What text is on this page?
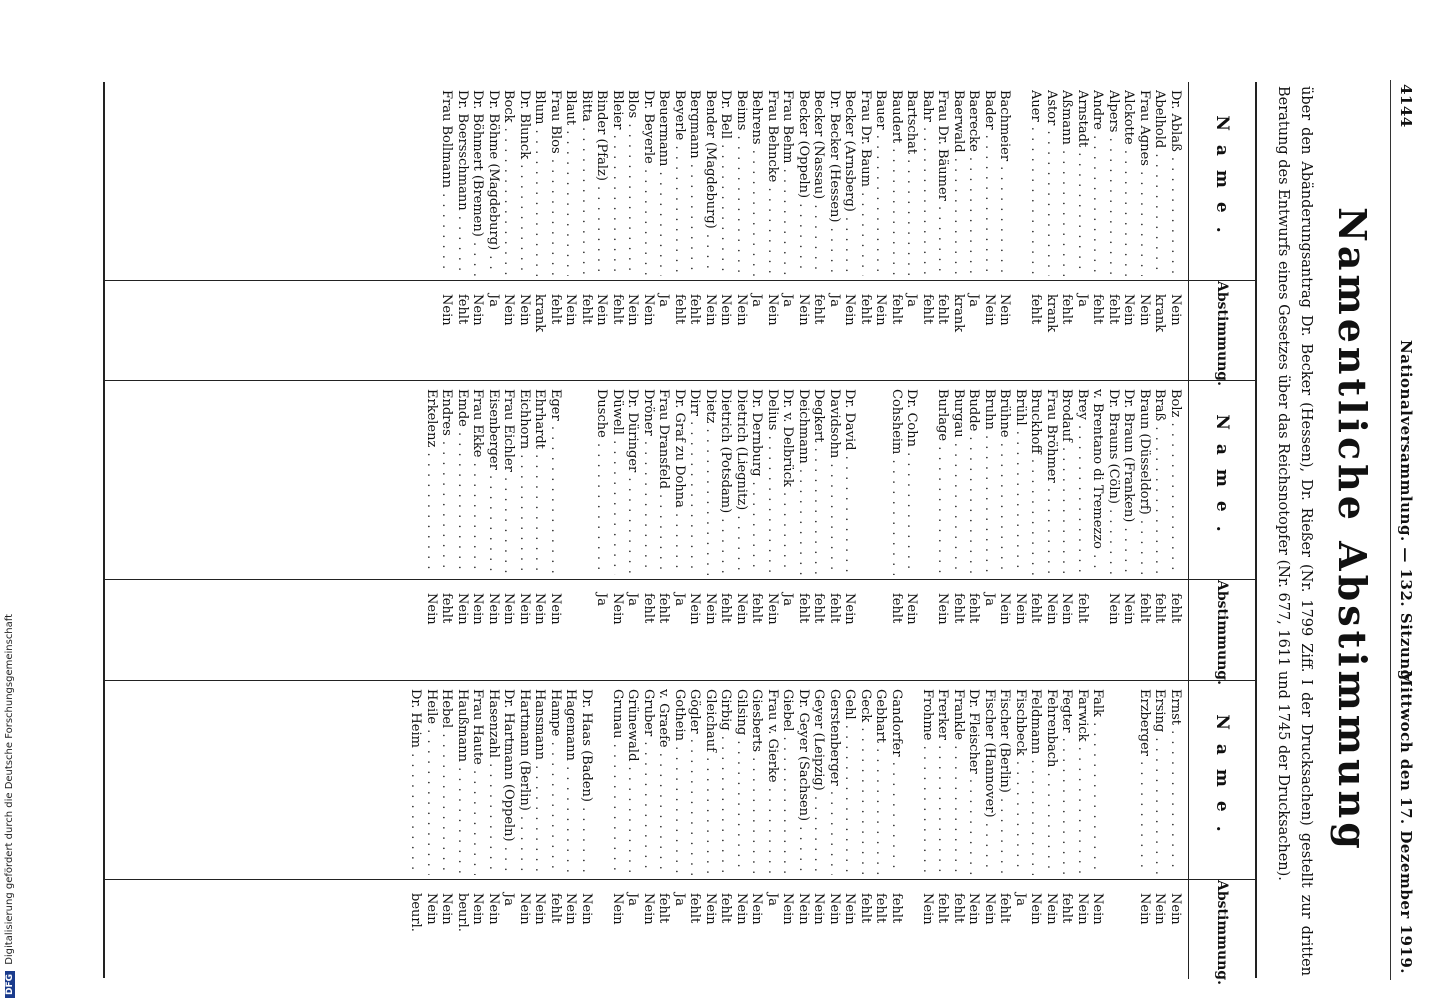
4144
Nationalversammlung. — 132. Sitzung.
Mittwoch den 17. Dezember 1919.
Namentliche Abstimmung
über den Abänderungsantrag Dr. Becker (Hessen), Dr. Rießer (Nr. 1799 Ziff. I der Drucksachen) gestellt zur dritten Beratung des Entwurfs eines Gesetzes über das Reichsnotopfer (Nr. 677, 1611 und 1745 der Drucksachen).
Name.
Abstimmung.
Dr. Ablaß . . .
Nein
Abelhold . . .
krank
Frau Agnes . . .
Nein
Alckotte . . .
Nein
Alpers . . .
fehlt
Andre . . .
fehlt
Arnstadt . . .
Ja
Aßmann . . .
fehlt
Astor . . .
krank
Auer . . .
fehlt
Bachmeier . . .
Nein
Bader . . .
Nein
Baerecke . . .
Ja
Baerwald . . .
krank
Frau Dr. Bäumer . . .
fehlt
Bahr . . .
fehlt
Bartschat . . .
Ja
Baudert . . .
fehlt
Bauer . . .
Nein
Frau Dr. Baum . . .
fehlt
Becker (Arnsberg) . . .
Nein
Dr. Becker (Hessen) . . .
Ja
Becker (Nassau) . . .
fehlt
Becker (Oppeln) . . .
Nein
Frau Behm . . .
Ja
Frau Behncke . . .
Nein
Behrens . . .
Ja
Beims . . .
Nein
Dr. Bell . . .
Nein
Bender (Magdeburg) . . .
Nein
Bergmann . . .
fehlt
Beyerle . . .
fehlt
Beuermann . . .
Ja
Dr. Beyerle . . .
Nein
Blos . . .
Nein
Bleier . . .
fehlt
Binder (Pfalz) . . .
Nein
Bitta . . .
fehlt
Blaut . . .
Nein
Frau Blos . . .
fehlt
Blum . . .
krank
Dr. Blunck . . .
Nein
Bock . . .
Nein
Dr. Böhme (Magdeburg) . . .
Ja
Dr. Böhmert (Bremen) . . .
Nein
Dr. Boersschmann . . .
fehlt
Frau Bollmann . . .
Nein
Name.
Abstimmung.
Bolz . . .
fehlt
Braß . . .
fehlt
Braun (Düsseldorf) . . .
fehlt
Dr. Braun (Franken) . . .
Nein
Dr. Brauns (Cöln) . . .
Nein
v. Brentano di Tremezzo . . .
Brey . . .
fehlt
Brodauf . . .
Nein
Frau Bröhmer . . .
Nein
Bruckhoff . . .
fehlt
Brühl . . .
Nein
Brühne . . .
Nein
Bruhn . . .
Ja
Budde . . .
fehlt
Burgau . . .
fehlt
Burlage . . .
Nein
Dr. Cohn . . .
Nein
Cohsheim . . .
fehlt
Dr. David . . .
Nein
Davidsohn . . .
fehlt
Degkert . . .
fehlt
Deichmann . . .
fehlt
Dr. v. Delbrück . . .
Ja
Delius . . .
Nein
Dr. Dernburg . . .
fehlt
Dietrich (Liegnitz) . . .
Nein
Dietrich (Potsdam) . . .
fehlt
Dietz . . .
Nein
Dirr . . .
Nein
Dr. Graf zu Dohna . . .
Ja
Frau Dransfeld . . .
fehlt
Dröner . . .
fehlt
Dr. Düringer . . .
Ja
Düwell . . .
Nein
Dusche . . .
Ja
Eger . . .
Nein
Ehrhardt . . .
Nein
Eichhorn . . .
Nein
Frau Eichler . . .
Nein
Eisenberger . . .
Nein
Frau Ekke . . .
Nein
Emde . . .
Nein
Endres . . .
fehlt
Erkelenz . . .
Nein
Name.
Abstimmung.
Ernst . . .
Nein
Ersing . . .
Nein
Erzberger . . .
Nein
Falk . . .
Nein
Farwick . . .
Nein
Fegter . . .
fehlt
Fehrenbach . . .
Nein
Feldmann . . .
Nein
Fischbeck . . .
Ja
Fischer (Berlin) . . .
fehlt
Fischer (Hannover) . . .
Nein
Dr. Fleischer . . .
Nein
Frankle . . .
fehlt
Frerker . . .
fehlt
Frohme . . .
Nein
Gandorfer . . .
fehlt
Gebhart . . .
fehlt
Geck . . .
fehlt
Gehl . . .
Nein
Gerstenberger . . .
Nein
Geyer (Leipzig) . . .
Nein
Dr. Geyer (Sachsen) . . .
Nein
Giebel . . .
Nein
Frau v. Gierke . . .
Ja
Giesberts . . .
Nein
Gilsing . . .
Nein
Girbig . . .
fehlt
Gleichauf . . .
Nein
Gögler . . .
fehlt
Gothein . . .
Ja
v. Graefe . . .
fehlt
Gruber . . .
Nein
Grünewald . . .
Ja
Grunau . . .
Nein
Dr. Haas (Baden) . . .
Nein
Hagemann . . .
Nein
Hampe . . .
fehlt
Hansmann . . .
Nein
Hartmann (Berlin) . . .
Nein
Dr. Hartmann (Oppeln) . . .
Ja
Hasenzahl . . .
Nein
Frau Haute . . .
Nein
Haußmann . . .
beurl.
Hebel . . .
Nein
Heile . . .
Nein
Dr. Heim . . .
beurl.
DFG Digitalisierung gefördert durch die Deutsche Forschungsgemeinschaft
